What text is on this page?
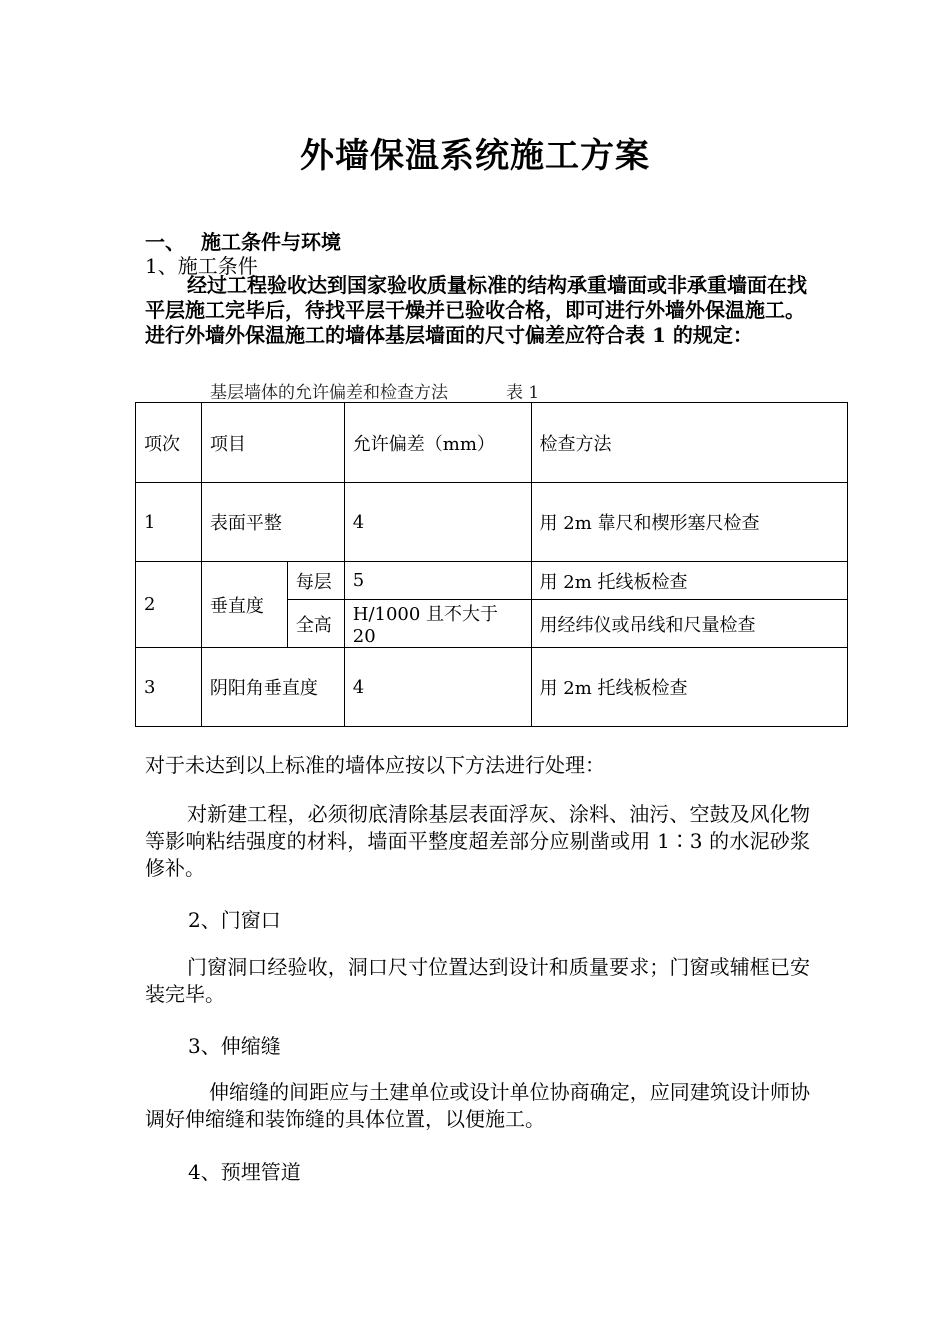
外墙保温系统施工方案
一、 施工条件与环境
1、施工条件
经过工程验收达到国家验收质量标准的结构承重墙面或非承重墙面在找平层施工完毕后，待找平层干燥并已验收合格，即可进行外墙外保温施工。进行外墙外保温施工的墙体基层墙面的尺寸偏差应符合表 1 的规定：
基层墙体的允许偏差和检查方法	表 1
项次	项目		允许偏差（mm）	检查方法
1	表面平整		4	用 2m 靠尺和楔形塞尺检查
2	垂直度	每层	5	用 2m 托线板检查
		全高	H/1000 且不大于 20	用经纬仪或吊线和尺量检查
3	阴阳角垂直度		4	用 2m 托线板检查
对于未达到以上标准的墙体应按以下方法进行处理：
对新建工程，必须彻底清除基层表面浮灰、涂料、油污、空鼓及风化物等影响粘结强度的材料，墙面平整度超差部分应剔凿或用 1∶3 的水泥砂浆修补。
2、门窗口
门窗洞口经验收，洞口尺寸位置达到设计和质量要求；门窗或辅框已安装完毕。
3、伸缩缝
伸缩缝的间距应与土建单位或设计单位协商确定，应同建筑设计师协调好伸缩缝和装饰缝的具体位置，以便施工。
4、预埋管道
